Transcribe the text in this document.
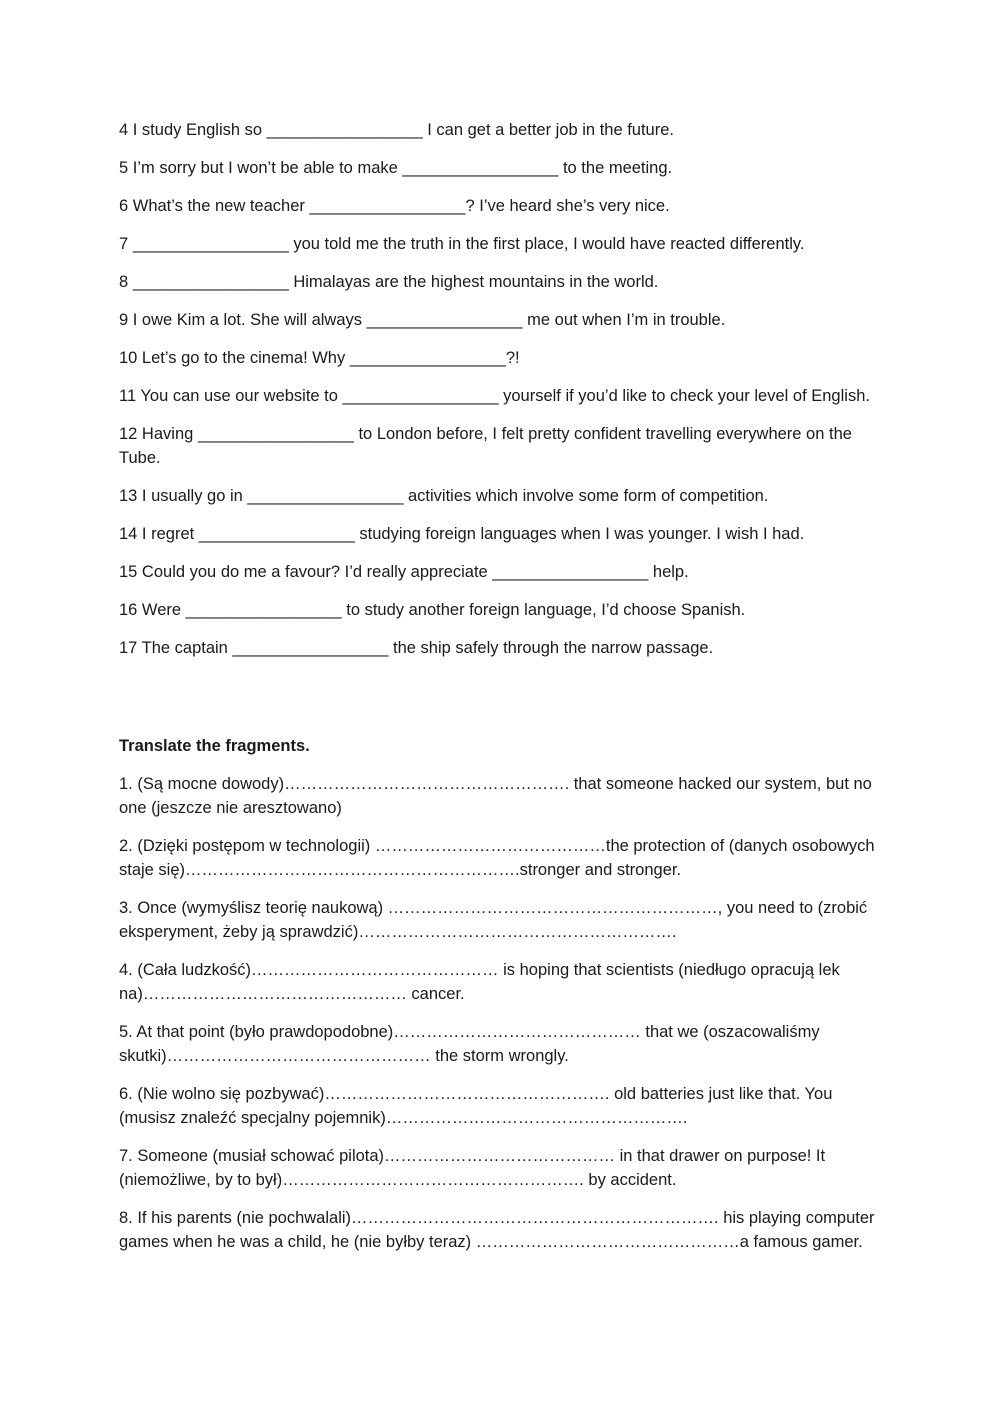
4 I study English so _________________ I can get a better job in the future.

5 I’m sorry but I won’t be able to make _________________ to the meeting.

6 What’s the new teacher _________________? I’ve heard she’s very nice.

7 _________________ you told me the truth in the first place, I would have reacted differently.

8 _________________ Himalayas are the highest mountains in the world.

9 I owe Kim a lot. She will always _________________ me out when I’m in trouble.

10 Let’s go to the cinema! Why _________________?!

11 You can use our website to _________________ yourself if you’d like to check your level of English.

12 Having _________________ to London before, I felt pretty confident travelling everywhere on the Tube.

13 I usually go in _________________ activities which involve some form of competition.

14 I regret _________________ studying foreign languages when I was younger. I wish I had.

15 Could you do me a favour? I’d really appreciate _________________ help.

16 Were _________________ to study another foreign language, I’d choose Spanish.

17 The captain _________________ the ship safely through the narrow passage.

Translate the fragments.

1. (Są mocne dowody)……………………………………………. that someone hacked our system, but no one (jeszcze nie aresztowano)

2. (Dzięki postępom w technologii) ……………………………………the protection of (danych osobowych staje się)…………………………………………………….stronger and stronger.

3. Once (wymyślisz teorię naukową) ……………………………………………………, you need to (zrobić eksperyment, żeby ją sprawdzić)………………………………………………….

4. (Cała ludzkość)……………………………………… is hoping that scientists (niedługo opracują lek na)………………………………………… cancer.

5. At that point (było prawdopodobne)……………………………………… that we (oszacowaliśmy skutki)………………………………………… the storm wrongly.

6. (Nie wolno się pozbywać)……………………………………………. old batteries just like that. You (musisz znaleźć specjalny pojemnik)……………………………………………….

7. Someone (musiał schować pilota)…………………………………… in that drawer on purpose! It (niemożliwe, by to był)………………………………………………. by accident.

8. If his parents (nie pochwalali)…………………………………………………………. his playing computer games when he was a child, he (nie byłby teraz) …………………………………………a famous gamer.
